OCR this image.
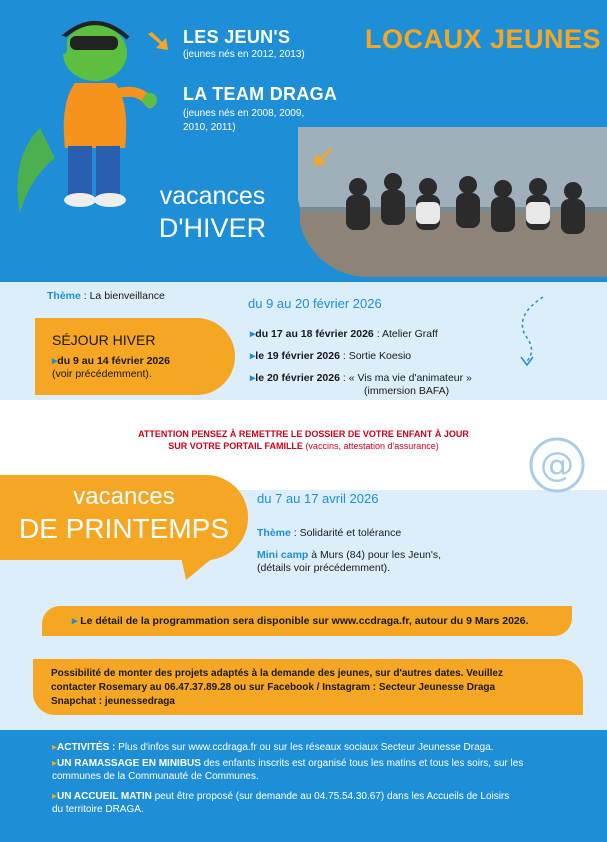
LES JEUN'S
(jeunes nés en 2012, 2013)
LA TEAM DRAGA
(jeunes nés en 2008, 2009,
2010, 2011)
LOCAUX JEUNES
vacances
D'HIVER
Thème : La bienveillance	du 9 au 20 février 2026
SÉJOUR HIVER
▸du 9 au 14 février 2026
(voir précédemment).
▸du 17 au 18 février 2026 : Atelier Graff
▸le 19 février 2026 : Sortie Koesio
▸le 20 février 2026 : « Vis ma vie d'animateur »
(immersion BAFA)
ATTENTION PENSEZ À REMETTRE LE DOSSIER DE VOTRE ENFANT À JOUR
SUR VOTRE PORTAIL FAMILLE (vaccins, attestation d'assurance)	@
vacances
DE PRINTEMPS
du 7 au 17 avril 2026
Thème : Solidarité et tolérance
Mini camp à Murs (84) pour les Jeun's,
(détails voir précédemment).
▸ Le détail de la programmation sera disponible sur www.ccdraga.fr, autour du 9 Mars 2026.
Possibilité de monter des projets adaptés à la demande des jeunes, sur d'autres dates. Veuillez
contacter Rosemary au 06.47.37.89.28 ou sur Facebook / Instagram : Secteur Jeunesse Draga
Snapchat : jeunessedraga
▸ACTIVITÉS : Plus d'infos sur www.ccdraga.fr ou sur les réseaux sociaux Secteur Jeunesse Draga.
▸UN RAMASSAGE EN MINIBUS des enfants inscrits est organisé tous les matins et tous les soirs, sur les
communes de la Communauté de Communes.
▸UN ACCUEIL MATIN peut être proposé (sur demande au 04.75.54.30.67) dans les Accueils de Loisirs
du territoire DRAGA.
